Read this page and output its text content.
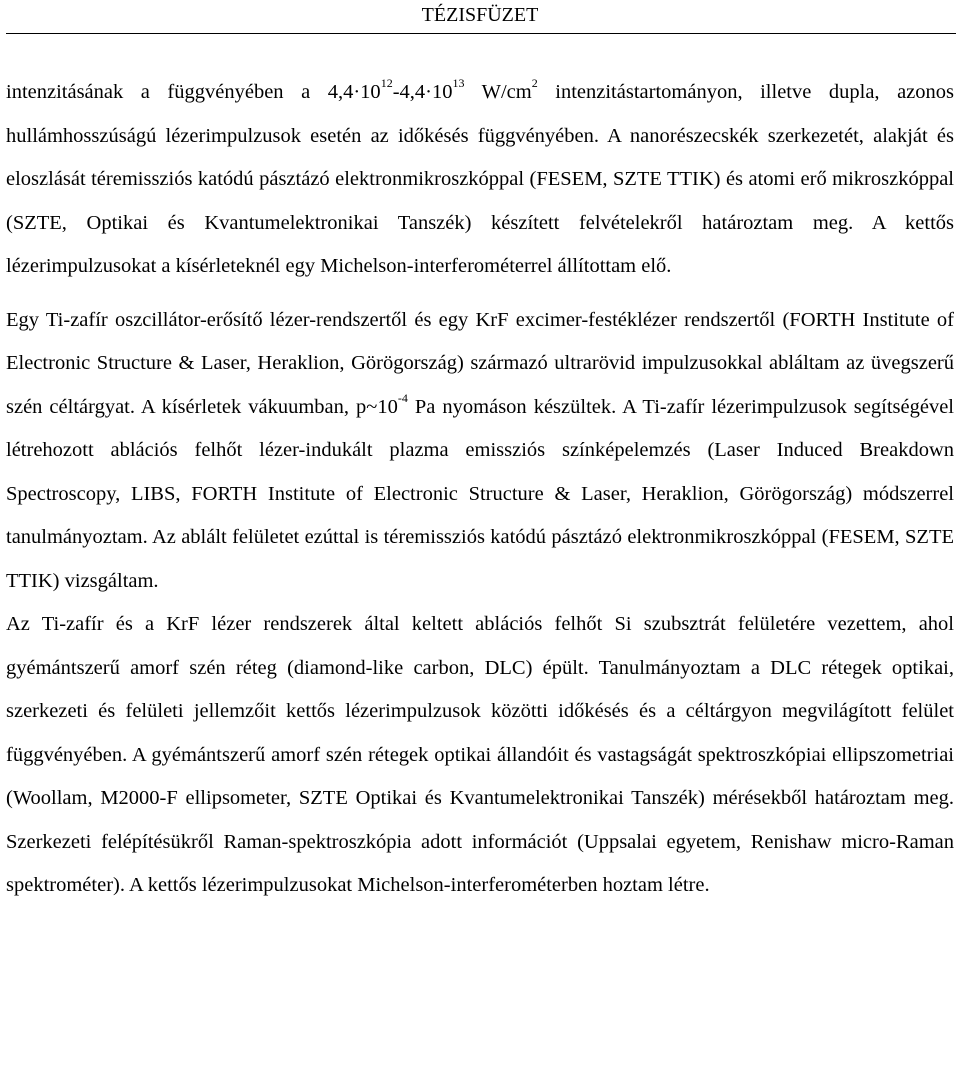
TÉZISFÜZET

intenzitásának a függvényében a $4,4\cdot 10^{12}-4,4\cdot 10^{13}$ $W/cm^2$ intenzitástartományon, illetve dupla, azonos hullámhosszúságú lézerimpulzusok esetén az időkésés függvényében. A nanorészecskék szerkezetét, alakját és eloszlását téremissziós katódú pásztázó elektronmikroszkóppal (FESEM, SZTE TTIK) és atomi erő mikroszkóppal (SZTE, Optikai és Kvantumelektronikai Tanszék) készített felvételekről határoztam meg. A kettős lézerimpulzusokat a kísérleteknél egy Michelson-interferométerrel állítottam elő.

Egy Ti-zafír oszcillátor-erősítő lézer-rendszertől és egy KrF excimer-festéklézer rendszertől (FORTH Institute of Electronic Structure & Laser, Heraklion, Görögország) származó ultrarövid impulzusokkal abláltam az üvegszerű szén céltárgyat. A kísérletek vákuumban, $p\sim 10^{-4}$ Pa nyomáson készültek. A Ti-zafír lézerimpulzusok segítségével létrehozott ablációs felhőt lézer-indukált plazma emissziós színképelemzés (Laser Induced Breakdown Spectroscopy, LIBS, FORTH Institute of Electronic Structure & Laser, Heraklion, Görögország) módszerrel tanulmányoztam. Az ablált felületet ezúttal is téremissziós katódú pásztázó elektronmikroszkóppal (FESEM, SZTE TTIK) vizsgáltam.

Az Ti-zafír és a KrF lézer rendszerek által keltett ablációs felhőt Si szubsztrát felületére vezettem, ahol gyémántszerű amorf szén réteg (diamond-like carbon, DLC) épült. Tanulmányoztam a DLC rétegek optikai, szerkezeti és felületi jellemzőit kettős lézerimpulzusok közötti időkésés és a céltárgyon megvilágított felület függvényében. A gyémántszerű amorf szén rétegek optikai állandóit és vastagságát spektroszkópiai ellipszometriai (Woollam, M2000-F ellipsometer, SZTE Optikai és Kvantumelektronikai Tanszék) mérésekből határoztam meg. Szerkezeti felépítésükről Raman-spektroszkópia adott információt (Uppsalai egyetem, Renishaw micro-Raman spektrométer). A kettős lézerimpulzusokat Michelson-interferométerben hoztam létre.
